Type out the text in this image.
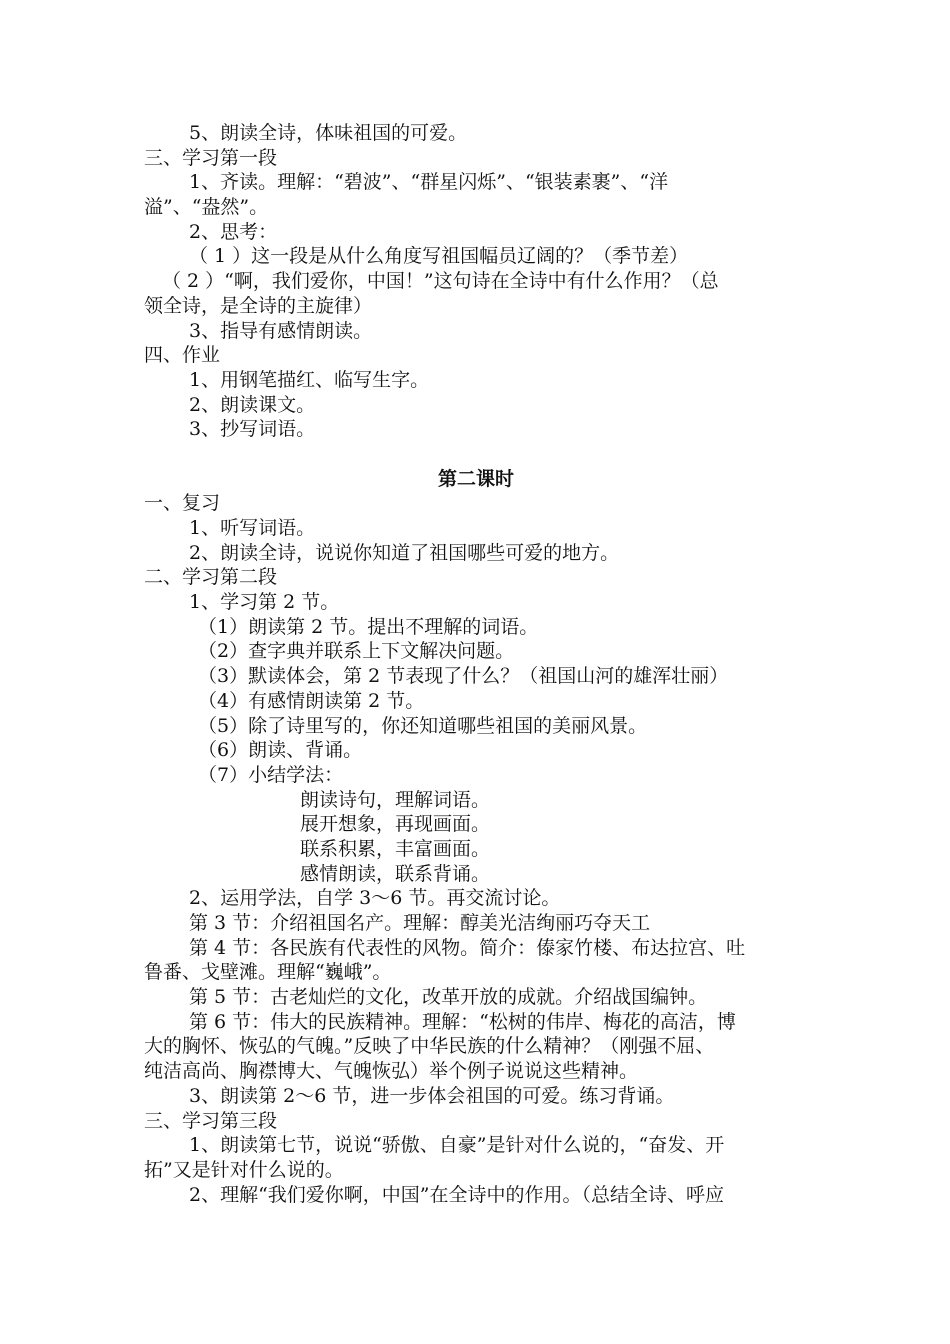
5、朗读全诗，体味祖国的可爱。
三、学习第一段
1、齐读。理解：“碧波”、“群星闪烁”、“银装素裹”、“洋
溢”、“盎然”。
2、思考：
（ 1 ）这一段是从什么角度写祖国幅员辽阔的？（季节差）
（ 2 ）“啊，我们爱你，中国！”这句诗在全诗中有什么作用？（总
领全诗，是全诗的主旋律）
3、指导有感情朗读。
四、作业
1、用钢笔描红、临写生字。
2、朗读课文。
3、抄写词语。
第二课时
一、复习
1、听写词语。
2、朗读全诗，说说你知道了祖国哪些可爱的地方。
二、学习第二段
1、学习第 2 节。
（1）朗读第 2 节。提出不理解的词语。
（2）查字典并联系上下文解决问题。
（3）默读体会，第 2 节表现了什么？（祖国山河的雄浑壮丽）
（4）有感情朗读第 2 节。
（5）除了诗里写的，你还知道哪些祖国的美丽风景。
（6）朗读、背诵。
（7）小结学法：
朗读诗句，理解词语。
展开想象，再现画面。
联系积累，丰富画面。
感情朗读，联系背诵。
2、运用学法，自学 3～6 节。再交流讨论。
第 3 节：介绍祖国名产。理解：醇美光洁绚丽巧夺天工
第 4 节：各民族有代表性的风物。简介：傣家竹楼、布达拉宫、吐
鲁番、戈壁滩。理解“巍峨”。
第 5 节：古老灿烂的文化，改革开放的成就。介绍战国编钟。
第 6 节：伟大的民族精神。理解：“松树的伟岸、梅花的高洁，博
大的胸怀、恢弘的气魄。”反映了中华民族的什么精神？（刚强不屈、
纯洁高尚、胸襟博大、气魄恢弘）举个例子说说这些精神。
3、朗读第 2～6 节，进一步体会祖国的可爱。练习背诵。
三、学习第三段
1、朗读第七节，说说“骄傲、自豪”是针对什么说的，“奋发、开
拓”又是针对什么说的。
2、理解“我们爱你啊，中国”在全诗中的作用。（总结全诗、呼应
